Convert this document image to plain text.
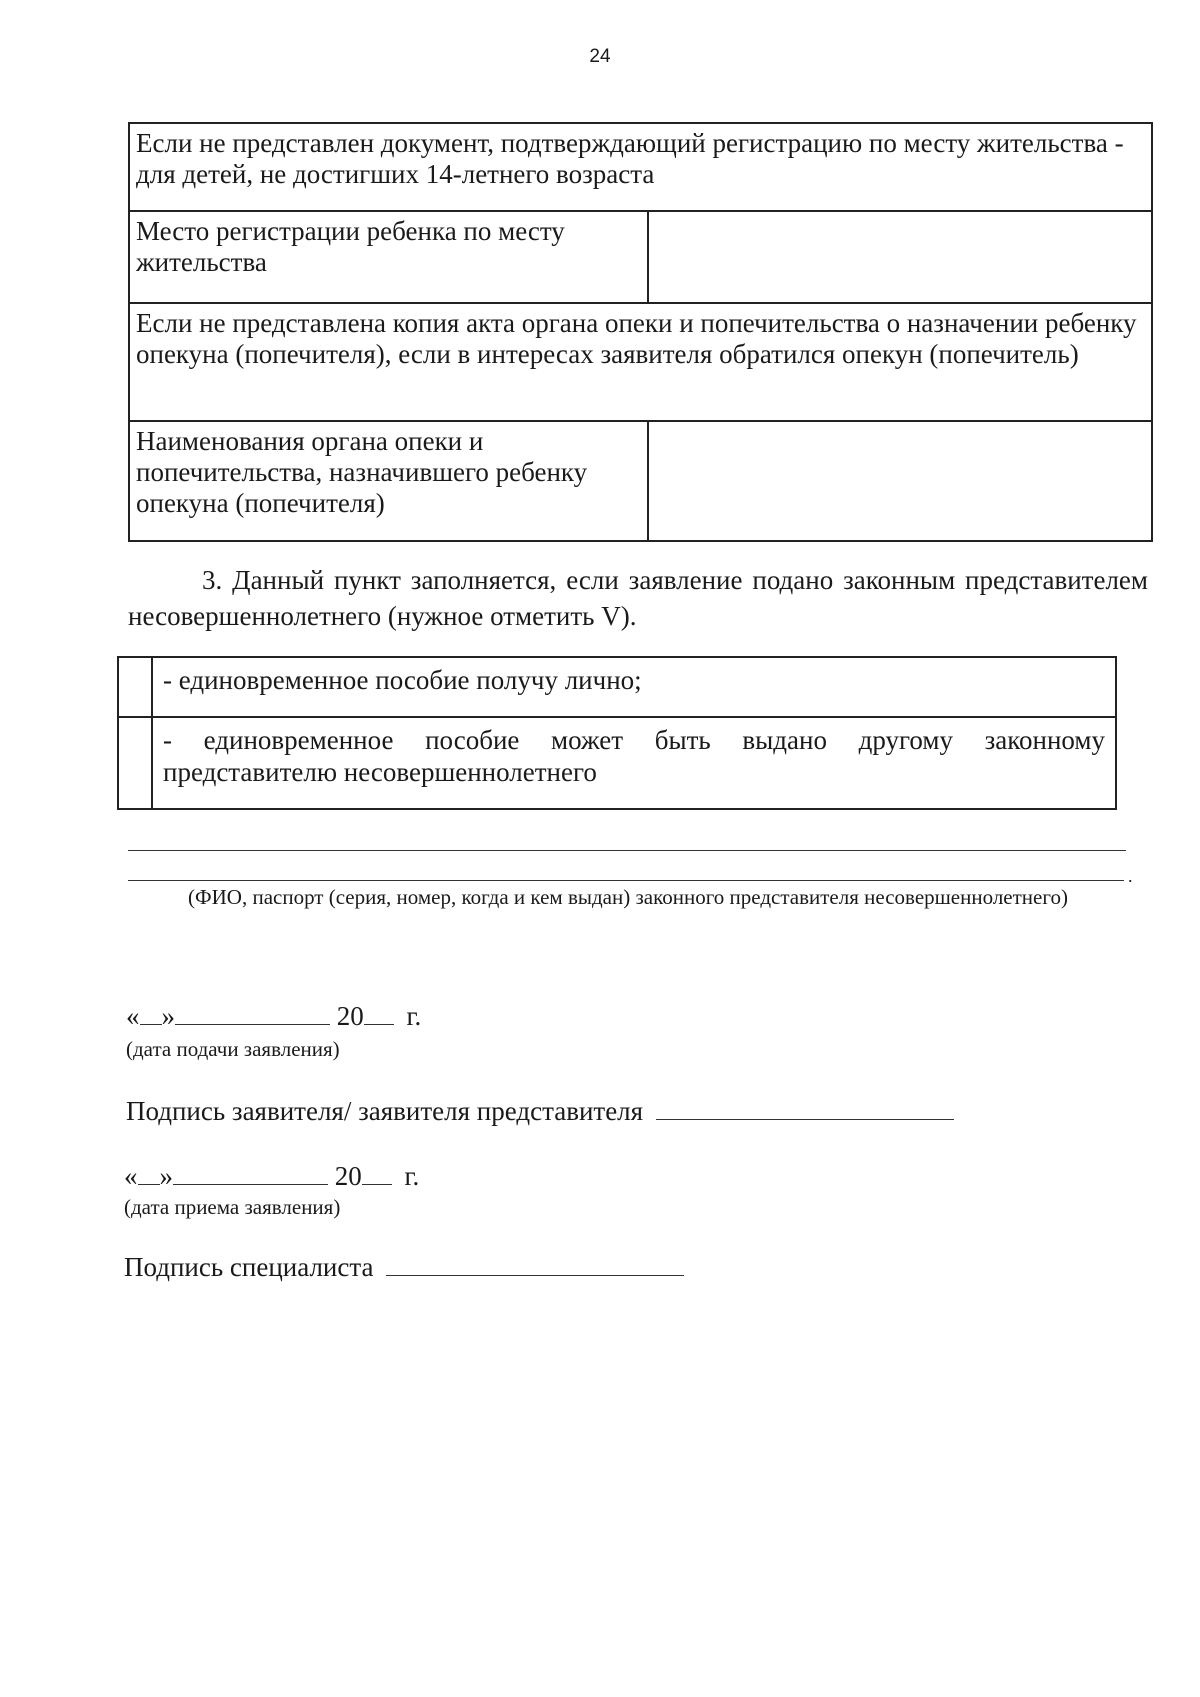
24
Если не представлен документ, подтверждающий регистрацию по месту жительства - для детей, не достигших 14-летнего возраста	
Место регистрации ребенка по месту жительства	
Если не представлена копия акта органа опеки и попечительства о назначении ребенку опекуна (попечителя), если в интересах заявителя обратился опекун (попечитель)	
Наименования органа опеки и попечительства, назначившего ребенку опекуна (попечителя)	
3. Данный пункт заполняется, если заявление подано законным представителем несовершеннолетнего (нужное отметить V).
	- единовременное пособие получу лично;
	- единовременное пособие может быть выдано другому законному представителю несовершеннолетнего
.
(ФИО, паспорт (серия, номер, когда и кем выдан) законного представителя несовершеннолетнего)
« »	20 г.
(дата подачи заявления)
Подпись заявителя/ заявителя представителя
« »	20 г.
(дата приема заявления)
Подпись специалиста
